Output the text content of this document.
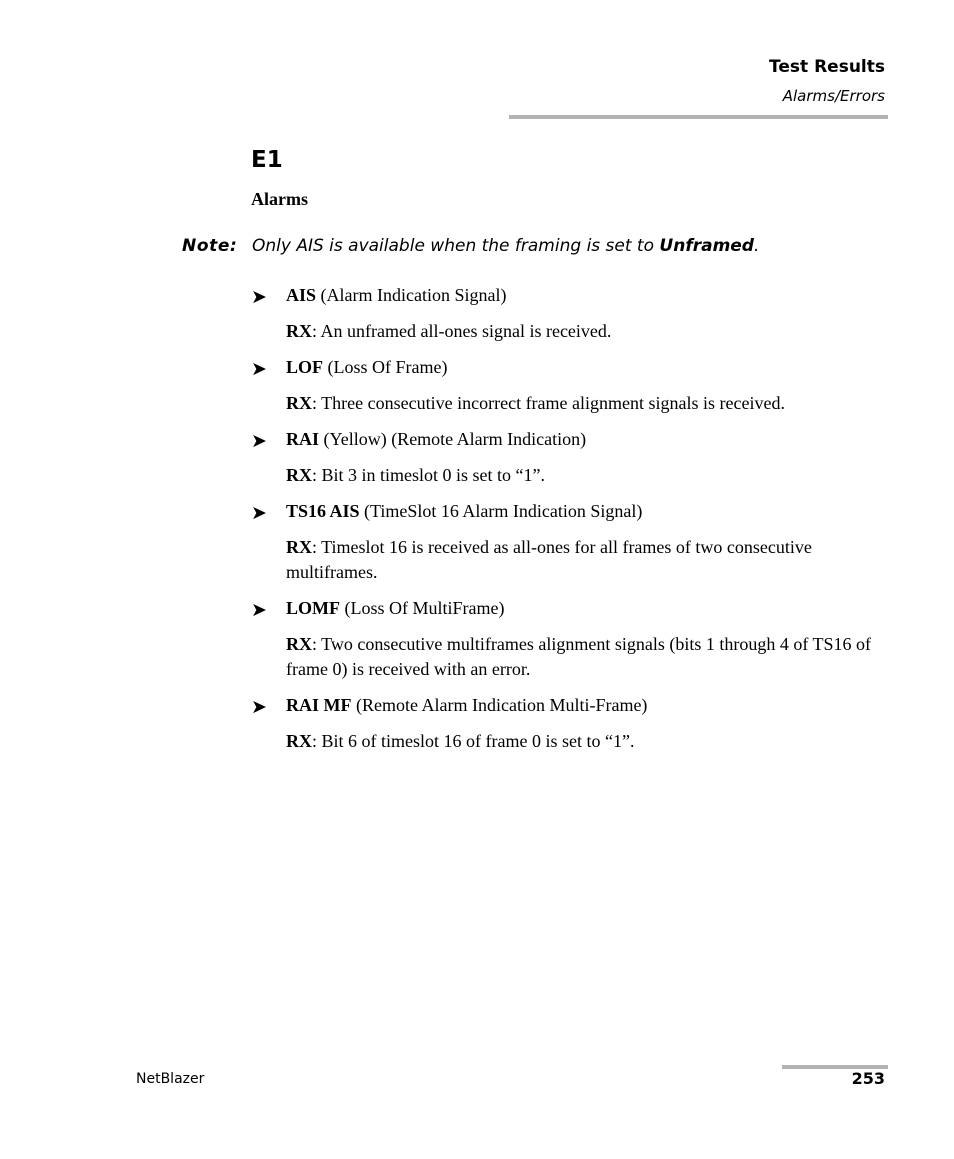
Test Results
Alarms/Errors
E1
Alarms
Note: Only AIS is available when the framing is set to Unframed.
➤ AIS (Alarm Indication Signal)
RX: An unframed all-ones signal is received.
➤ LOF (Loss Of Frame)
RX: Three consecutive incorrect frame alignment signals is received.
➤ RAI (Yellow) (Remote Alarm Indication)
RX: Bit 3 in timeslot 0 is set to “1”.
➤ TS16 AIS (TimeSlot 16 Alarm Indication Signal)
RX: Timeslot 16 is received as all-ones for all frames of two consecutive multiframes.
➤ LOMF (Loss Of MultiFrame)
RX: Two consecutive multiframes alignment signals (bits 1 through 4 of TS16 of frame 0) is received with an error.
➤ RAI MF (Remote Alarm Indication Multi-Frame)
RX: Bit 6 of timeslot 16 of frame 0 is set to “1”.
NetBlazer	253
